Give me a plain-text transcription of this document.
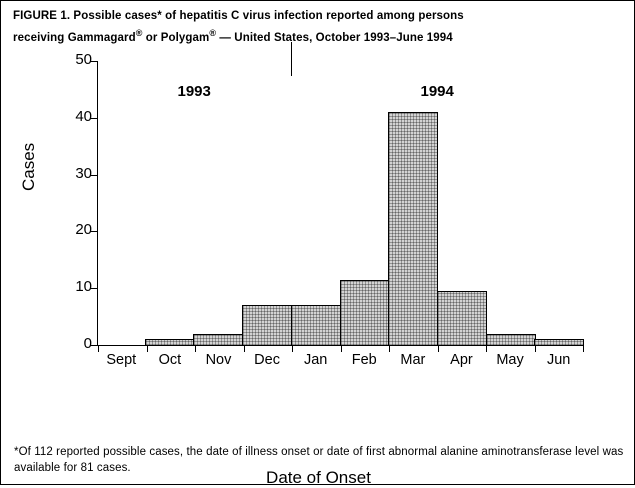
FIGURE 1. Possible cases* of hepatitis C virus infection reported among persons
receiving Gammagard® or Polygam® — United States, October 1993–June 1994
Cases
0
10
20
30
40
50
Sept	Oct	Nov	Dec	Jan	Feb	Mar	Apr	May	Jun
1993	1994
Date of Onset
*Of 112 reported possible cases, the date of illness onset or date of first abnormal alanine aminotransferase level was available for 81 cases.
